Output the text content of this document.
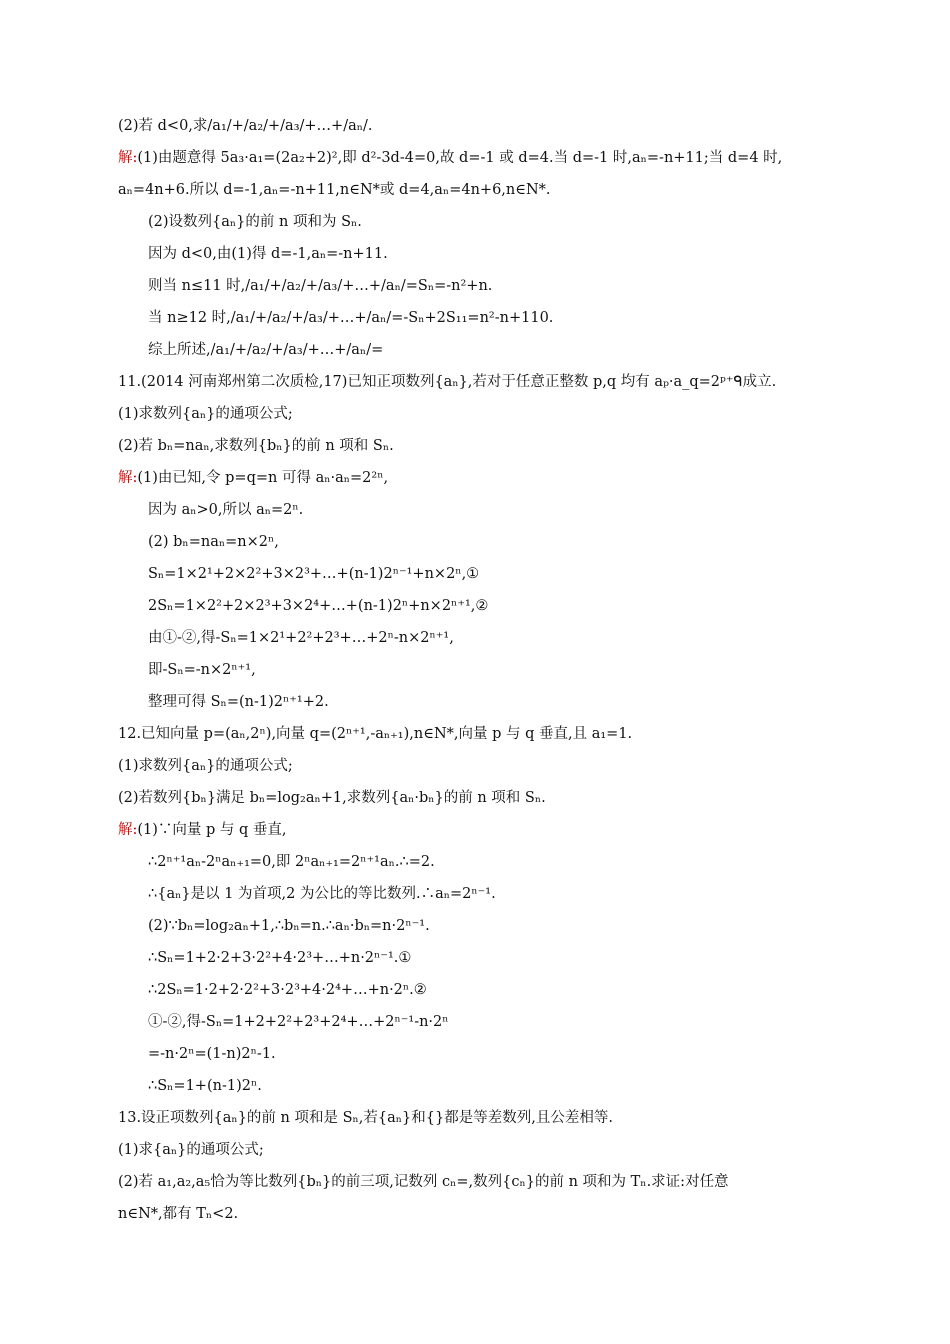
(2)若 d<0,求/a₁/+/a₂/+/a₃/+…+/aₙ/.
解:(1)由题意得 5a₃·a₁=(2a₂+2)²,即 d²-3d-4=0,故 d=-1 或 d=4.当 d=-1 时,aₙ=-n+11;当 d=4 时,
aₙ=4n+6.所以 d=-1,aₙ=-n+11,n∈N*或 d=4,aₙ=4n+6,n∈N*.
(2)设数列{aₙ}的前 n 项和为 Sₙ.
因为 d<0,由(1)得 d=-1,aₙ=-n+11.
则当 n≤11 时,/a₁/+/a₂/+/a₃/+…+/aₙ/=Sₙ=-n²+n.
当 n≥12 时,/a₁/+/a₂/+/a₃/+…+/aₙ/=-Sₙ+2S₁₁=n²-n+110.
综上所述,/a₁/+/a₂/+/a₃/+…+/aₙ/=
11.(2014 河南郑州第二次质检,17)已知正项数列{aₙ},若对于任意正整数 p,q 均有 aₚ·a_q=2ᵖ⁺ᑫ成立.
(1)求数列{aₙ}的通项公式;
(2)若 bₙ=naₙ,求数列{bₙ}的前 n 项和 Sₙ.
解:(1)由已知,令 p=q=n 可得 aₙ·aₙ=2²ⁿ,
因为 aₙ>0,所以 aₙ=2ⁿ.
(2) bₙ=naₙ=n×2ⁿ,
Sₙ=1×2¹+2×2²+3×2³+…+(n-1)2ⁿ⁻¹+n×2ⁿ,①
2Sₙ=1×2²+2×2³+3×2⁴+…+(n-1)2ⁿ+n×2ⁿ⁺¹,②
由①-②,得-Sₙ=1×2¹+2²+2³+…+2ⁿ-n×2ⁿ⁺¹,
即-Sₙ=-n×2ⁿ⁺¹,
整理可得 Sₙ=(n-1)2ⁿ⁺¹+2.
12.已知向量 p=(aₙ,2ⁿ),向量 q=(2ⁿ⁺¹,-aₙ₊₁),n∈N*,向量 p 与 q 垂直,且 a₁=1.
(1)求数列{aₙ}的通项公式;
(2)若数列{bₙ}满足 bₙ=log₂aₙ+1,求数列{aₙ·bₙ}的前 n 项和 Sₙ.
解:(1)∵向量 p 与 q 垂直,
∴2ⁿ⁺¹aₙ-2ⁿaₙ₊₁=0,即 2ⁿaₙ₊₁=2ⁿ⁺¹aₙ.∴=2.
∴{aₙ}是以 1 为首项,2 为公比的等比数列.∴aₙ=2ⁿ⁻¹.
(2)∵bₙ=log₂aₙ+1,∴bₙ=n.∴aₙ·bₙ=n·2ⁿ⁻¹.
∴Sₙ=1+2·2+3·2²+4·2³+…+n·2ⁿ⁻¹.①
∴2Sₙ=1·2+2·2²+3·2³+4·2⁴+…+n·2ⁿ.②
①-②,得-Sₙ=1+2+2²+2³+2⁴+…+2ⁿ⁻¹-n·2ⁿ
=-n·2ⁿ=(1-n)2ⁿ-1.
∴Sₙ=1+(n-1)2ⁿ.
13.设正项数列{aₙ}的前 n 项和是 Sₙ,若{aₙ}和{}都是等差数列,且公差相等.
(1)求{aₙ}的通项公式;
(2)若 a₁,a₂,a₅恰为等比数列{bₙ}的前三项,记数列 cₙ=,数列{cₙ}的前 n 项和为 Tₙ.求证:对任意
n∈N*,都有 Tₙ<2.
